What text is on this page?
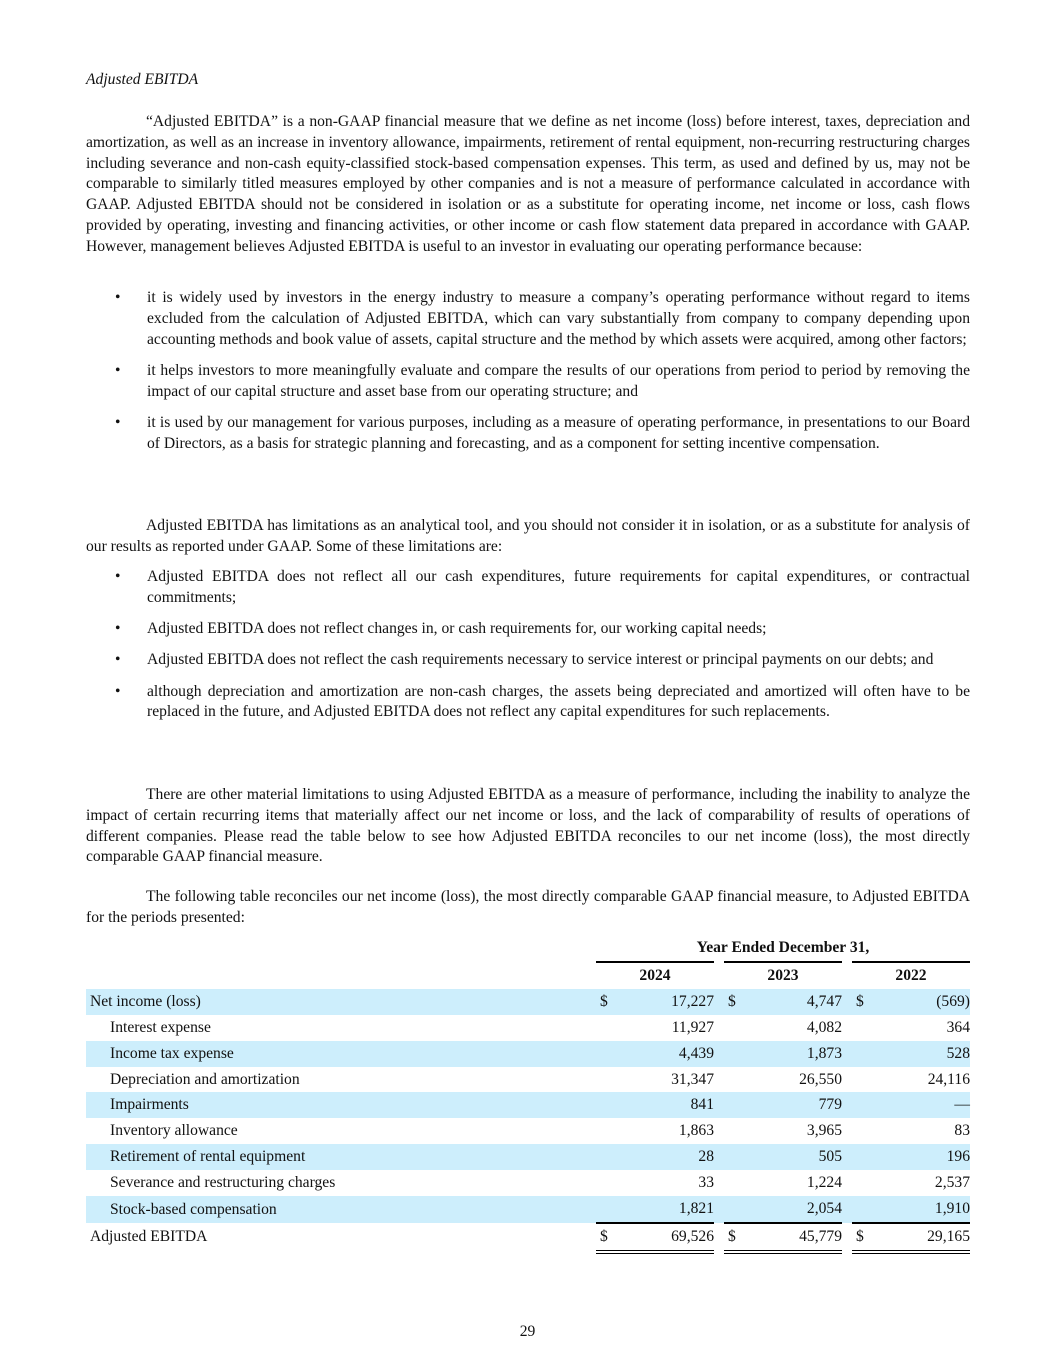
Adjusted EBITDA

“Adjusted EBITDA” is a non-GAAP financial measure that we define as net income (loss) before interest, taxes, depreciation and amortization, as well as an increase in inventory allowance, impairments, retirement of rental equipment, non-recurring restructuring charges including severance and non-cash equity-classified stock-based compensation expenses. This term, as used and defined by us, may not be comparable to similarly titled measures employed by other companies and is not a measure of performance calculated in accordance with GAAP. Adjusted EBITDA should not be considered in isolation or as a substitute for operating income, net income or loss, cash flows provided by operating, investing and financing activities, or other income or cash flow statement data prepared in accordance with GAAP. However, management believes Adjusted EBITDA is useful to an investor in evaluating our operating performance because:

• it is widely used by investors in the energy industry to measure a company’s operating performance without regard to items excluded from the calculation of Adjusted EBITDA, which can vary substantially from company to company depending upon accounting methods and book value of assets, capital structure and the method by which assets were acquired, among other factors;
• it helps investors to more meaningfully evaluate and compare the results of our operations from period to period by removing the impact of our capital structure and asset base from our operating structure; and
• it is used by our management for various purposes, including as a measure of operating performance, in presentations to our Board of Directors, as a basis for strategic planning and forecasting, and as a component for setting incentive compensation.

Adjusted EBITDA has limitations as an analytical tool, and you should not consider it in isolation, or as a substitute for analysis of our results as reported under GAAP. Some of these limitations are:

• Adjusted EBITDA does not reflect all our cash expenditures, future requirements for capital expenditures, or contractual commitments;
• Adjusted EBITDA does not reflect changes in, or cash requirements for, our working capital needs;
• Adjusted EBITDA does not reflect the cash requirements necessary to service interest or principal payments on our debts; and
• although depreciation and amortization are non-cash charges, the assets being depreciated and amortized will often have to be replaced in the future, and Adjusted EBITDA does not reflect any capital expenditures for such replacements.

There are other material limitations to using Adjusted EBITDA as a measure of performance, including the inability to analyze the impact of certain recurring items that materially affect our net income or loss, and the lack of comparability of results of operations of different companies. Please read the table below to see how Adjusted EBITDA reconciles to our net income (loss), the most directly comparable GAAP financial measure.

The following table reconciles our net income (loss), the most directly comparable GAAP financial measure, to Adjusted EBITDA for the periods presented:

	Year Ended December 31,							
	2024			2023			2022	
Net income (loss)	$	17,227		$	4,747		$	(569)
Interest expense		11,927			4,082			364
Income tax expense		4,439			1,873			528
Depreciation and amortization		31,347			26,550			24,116
Impairments		841			779			—
Inventory allowance		1,863			3,965			83
Retirement of rental equipment		28			505			196
Severance and restructuring charges		33			1,224			2,537
Stock-based compensation		1,821			2,054			1,910
Adjusted EBITDA	$	69,526		$	45,779		$	29,165
29
